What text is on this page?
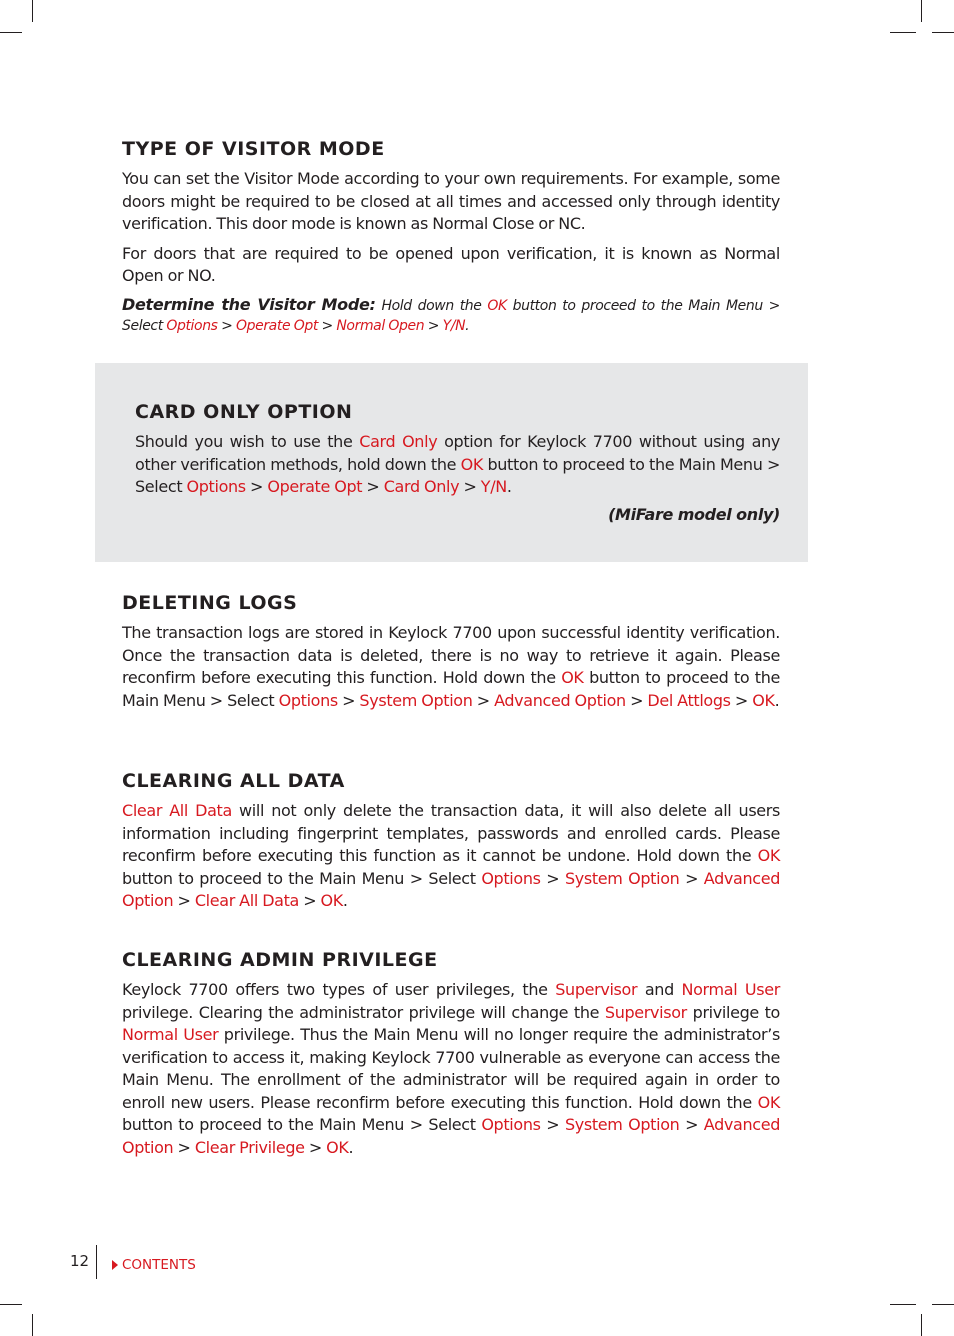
TYPE OF VISITOR MODE

You can set the Visitor Mode according to your own requirements. For example, some doors might be required to be closed at all times and accessed only through identity verification. This door mode is known as Normal Close or NC.

For doors that are required to be opened upon verification, it is known as Normal Open or NO.

Determine the Visitor Mode: Hold down the OK button to proceed to the Main Menu > Select Options > Operate Opt > Normal Open > Y/N.

CARD ONLY OPTION

Should you wish to use the Card Only option for Keylock 7700 without using any other verification methods, hold down the OK button to proceed to the Main Menu > Select Options > Operate Opt > Card Only > Y/N.

(MiFare model only)

DELETING LOGS

The transaction logs are stored in Keylock 7700 upon successful identity verification. Once the transaction data is deleted, there is no way to retrieve it again. Please reconfirm before executing this function. Hold down the OK button to proceed to the Main Menu > Select Options > System Option > Advanced Option > Del Attlogs > OK.

CLEARING ALL DATA

Clear All Data will not only delete the transaction data, it will also delete all users information including fingerprint templates, passwords and enrolled cards. Please reconfirm before executing this function as it cannot be undone. Hold down the OK button to proceed to the Main Menu > Select Options > System Option > Advanced Option > Clear All Data > OK.

CLEARING ADMIN PRIVILEGE

Keylock 7700 offers two types of user privileges, the Supervisor and Normal User privilege. Clearing the administrator privilege will change the Supervisor privilege to Normal User privilege. Thus the Main Menu will no longer require the administrator’s verification to access it, making Keylock 7700 vulnerable as everyone can access the Main Menu. The enrollment of the administrator will be required again in order to enroll new users. Please reconfirm before executing this function. Hold down the OK button to proceed to the Main Menu > Select Options > System Option > Advanced Option > Clear Privilege > OK.

12 CONTENTS
